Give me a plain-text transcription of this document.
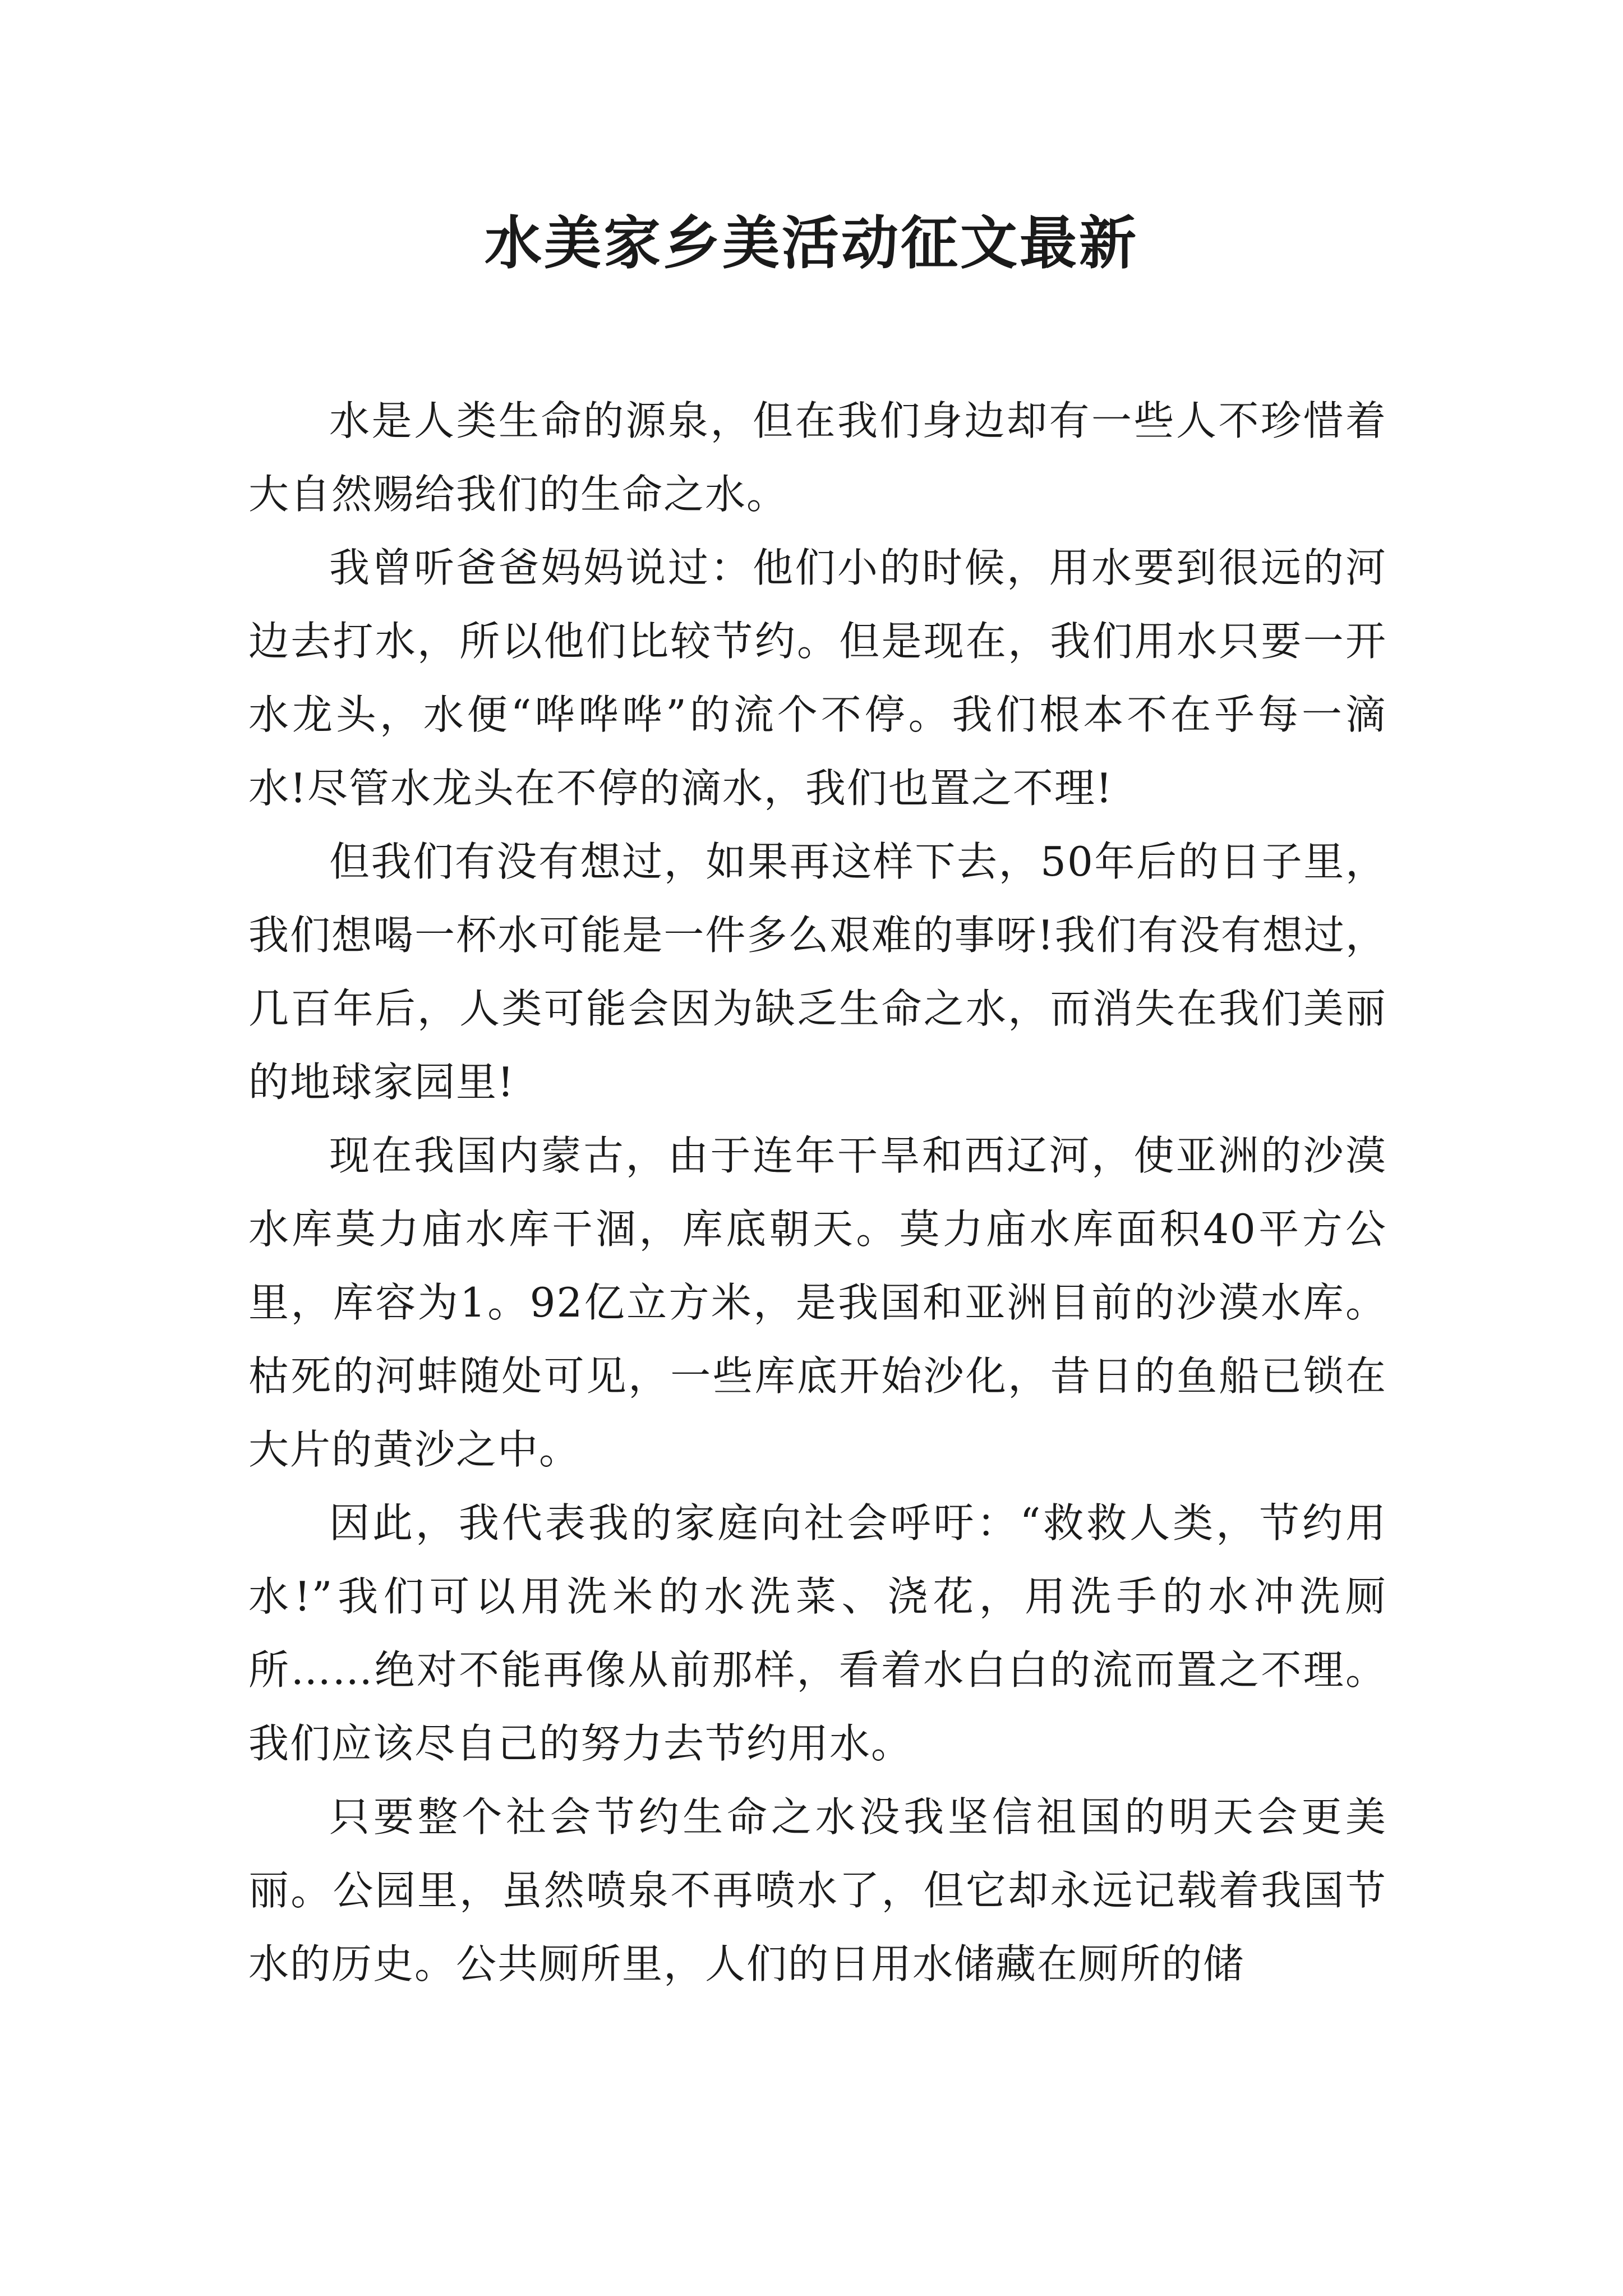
水美家乡美活动征文最新

水是人类生命的源泉，但在我们身边却有一些人不珍惜着大自然赐给我们的生命之水。

我曾听爸爸妈妈说过：他们小的时候，用水要到很远的河边去打水，所以他们比较节约。但是现在，我们用水只要一开水龙头，水便“哗哗哗”的流个不停。我们根本不在乎每一滴水!尽管水龙头在不停的滴水，我们也置之不理!

但我们有没有想过，如果再这样下去，50年后的日子里，我们想喝一杯水可能是一件多么艰难的事呀!我们有没有想过，几百年后，人类可能会因为缺乏生命之水，而消失在我们美丽的地球家园里!

现在我国内蒙古，由于连年干旱和西辽河，使亚洲的沙漠水库莫力庙水库干涸，库底朝天。莫力庙水库面积40平方公里，库容为1。92亿立方米，是我国和亚洲目前的沙漠水库。枯死的河蚌随处可见，一些库底开始沙化，昔日的鱼船已锁在大片的黄沙之中。

因此，我代表我的家庭向社会呼吁：“救救人类，节约用水!”我们可以用洗米的水洗菜、浇花，用洗手的水冲洗厕所……绝对不能再像从前那样，看着水白白的流而置之不理。我们应该尽自己的努力去节约用水。

只要整个社会节约生命之水没我坚信祖国的明天会更美丽。公园里，虽然喷泉不再喷水了，但它却永远记载着我国节水的历史。公共厕所里，人们的日用水储藏在厕所的储
